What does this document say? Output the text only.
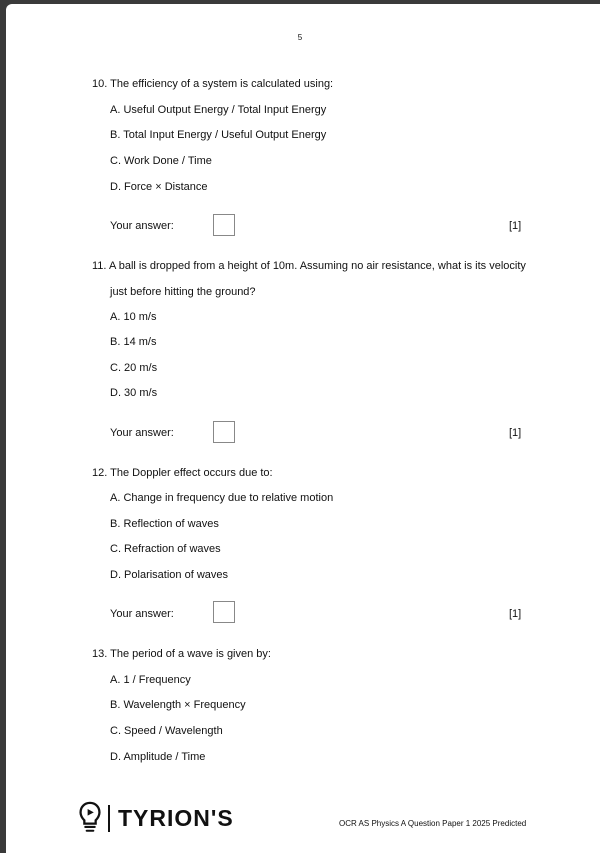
5
10. The efficiency of a system is calculated using:
A. Useful Output Energy / Total Input Energy
B. Total Input Energy / Useful Output Energy
C. Work Done / Time
D. Force × Distance
Your answer:	[1]
11. A ball is dropped from a height of 10m. Assuming no air resistance, what is its velocity
just before hitting the ground?
A. 10 m/s
B. 14 m/s
C. 20 m/s
D. 30 m/s
Your answer:	[1]
12. The Doppler effect occurs due to:
A. Change in frequency due to relative motion
B. Reflection of waves
C. Refraction of waves
D. Polarisation of waves
Your answer:	[1]
13. The period of a wave is given by:
A. 1 / Frequency
B. Wavelength × Frequency
C. Speed / Wavelength
D. Amplitude / Time
TYRION'S	OCR AS Physics A Question Paper 1 2025 Predicted
